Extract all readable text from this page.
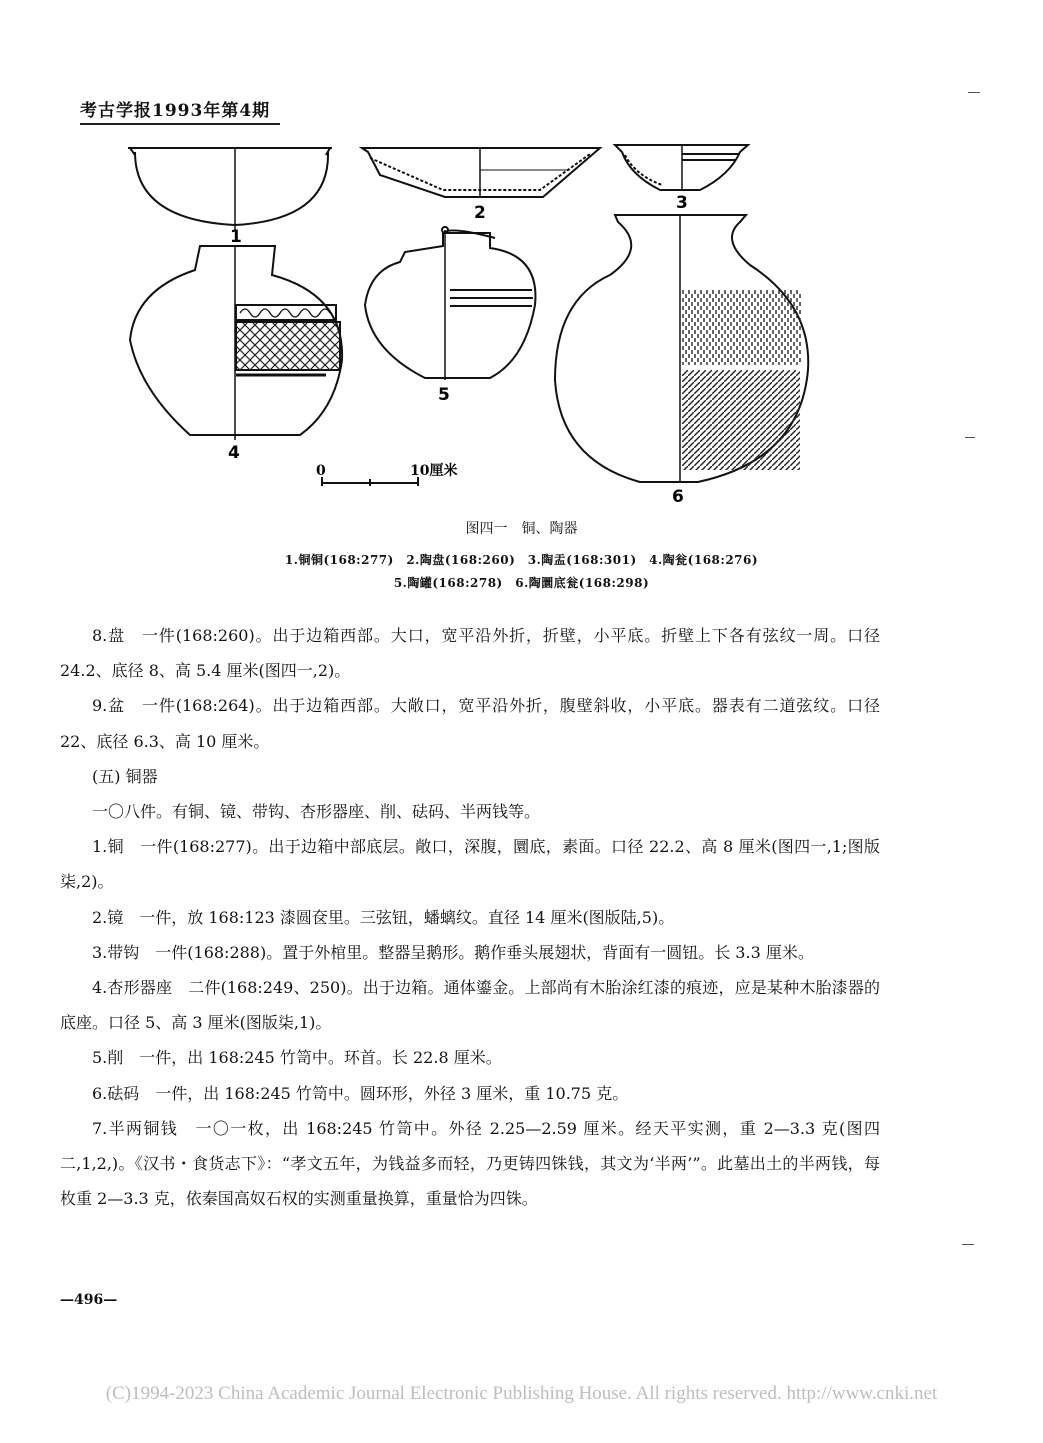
考古学报1993年第4期
1
2	3
4
5
6
0	10厘米
图四一　铜、陶器
1.铜铜(168:277)　2.陶盘(168:260)　3.陶盂(168:301)　4.陶瓮(168:276)
5.陶罐(168:278)　6.陶圜底瓮(168:298)

8.盘　一件(168:260)。出于边箱西部。大口，宽平沿外折，折壁，小平底。折壁上下各有弦纹一周。口径 24.2、底径 8、高 5.4 厘米(图四一,2)。

9.盆　一件(168:264)。出于边箱西部。大敞口，宽平沿外折，腹壁斜收，小平底。器表有二道弦纹。口径 22、底径 6.3、高 10 厘米。

(五) 铜器

一〇八件。有铜、镜、带钩、杏形器座、削、砝码、半两钱等。

1.铜　一件(168:277)。出于边箱中部底层。敞口，深腹，圜底，素面。口径 22.2、高 8 厘米(图四一,1;图版柒,2)。

2.镜　一件，放 168:123 漆圆奁里。三弦钮，蟠螭纹。直径 14 厘米(图版陆,5)。

3.带钩　一件(168:288)。置于外棺里。整器呈鹅形。鹅作垂头展翅状，背面有一圆钮。长 3.3 厘米。

4.杏形器座　二件(168:249、250)。出于边箱。通体鎏金。上部尚有木胎涂红漆的痕迹，应是某种木胎漆器的底座。口径 5、高 3 厘米(图版柒,1)。

5.削　一件，出 168:245 竹笥中。环首。长 22.8 厘米。

6.砝码　一件，出 168:245 竹笥中。圆环形，外径 3 厘米，重 10.75 克。

7.半两铜钱　一〇一枚，出 168:245 竹笥中。外径 2.25—2.59 厘米。经天平实测，重 2—3.3 克(图四二,1,2,)。《汉书・食货志下》：“孝文五年，为钱益多而轻，乃更铸四铢钱，其文为‘半两’”。此墓出土的半两钱，每枚重 2—3.3 克，依秦国高奴石权的实测重量换算，重量恰为四铢。

—496—
(C)1994-2023 China Academic Journal Electronic Publishing House. All rights reserved. http://www.cnki.net
